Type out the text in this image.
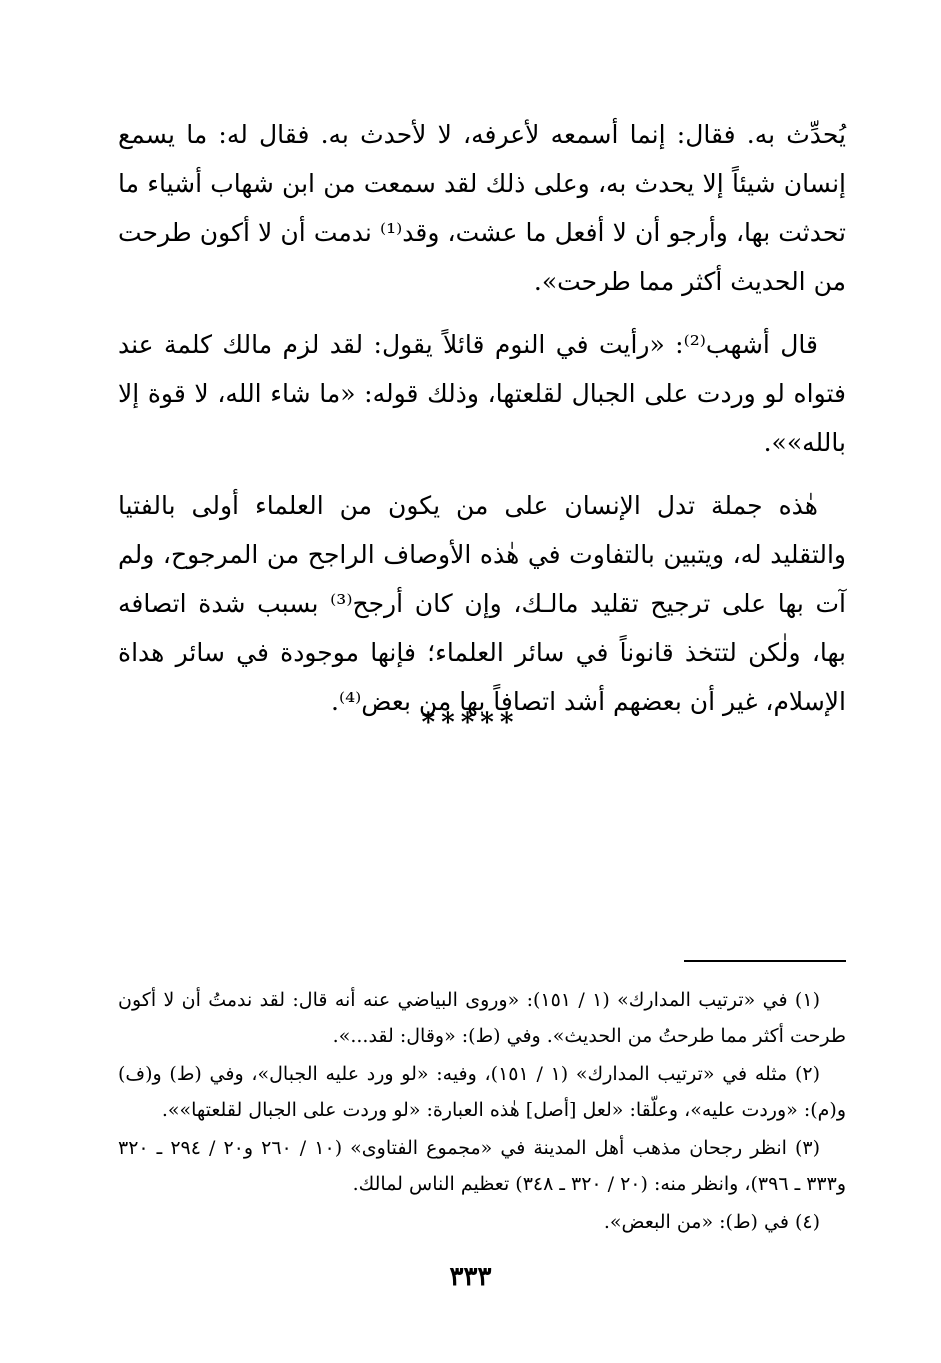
يُحدِّث به. فقال: إنما أسمعه لأعرفه، لا لأحدث به. فقال له: ما يسمع إنسان شيئاً إلا يحدث به، وعلى ذلك لقد سمعت من ابن شهاب أشياء ما تحدثت بها، وأرجو أن لا أفعل ما عشت، وقد⁽¹⁾ ندمت أن لا أكون طرحت من الحديث أكثر مما طرحت».

قال أشهب⁽²⁾: «رأيت في النوم قائلاً يقول: لقد لزم مالك كلمة عند فتواه لو وردت على الجبال لقلعتها، وذلك قوله: «ما شاء الله، لا قوة إلا بالله»».

هٰذه جملة تدل الإنسان على من يكون من العلماء أولى بالفتيا والتقليد له، ويتبين بالتفاوت في هٰذه الأوصاف الراجح من المرجوح، ولم آت بها على ترجيح تقليد مالـك، وإن كان أرجح⁽³⁾ بسبب شدة اتصافه بها، ولٰكن لتتخذ قانوناً في سائر العلماء؛ فإنها موجودة في سائر هداة الإسلام، غير أن بعضهم أشد اتصافاً بها من بعض⁽⁴⁾.

*****

(١) في «ترتيب المدارك» (١ / ١٥١): «وروى البياضي عنه أنه قال: لقد ندمتُ أن لا أكون طرحت أكثر مما طرحتُ من الحديث». وفي (ط): «وقال: لقد...».

(٢) مثله في «ترتيب المدارك» (١ / ١٥١)، وفيه: «لو ورد عليه الجبال»، وفي (ط) و(ف) و(م): «وردت عليه»، وعلّقا: «لعل [أصل] هٰذه العبارة: «لو وردت على الجبال لقلعتها»».

(٣) انظر رجحان مذهب أهل المدينة في «مجموع الفتاوى» (١٠ / ٢٦٠ و٢٠ / ٢٩٤ ـ ٣٢٠ و٣٣٣ ـ ٣٩٦)، وانظر منه: (٢٠ / ٣٢٠ ـ ٣٤٨) تعظيم الناس لمالك.

(٤) في (ط): «من البعض».

٣٣٣
